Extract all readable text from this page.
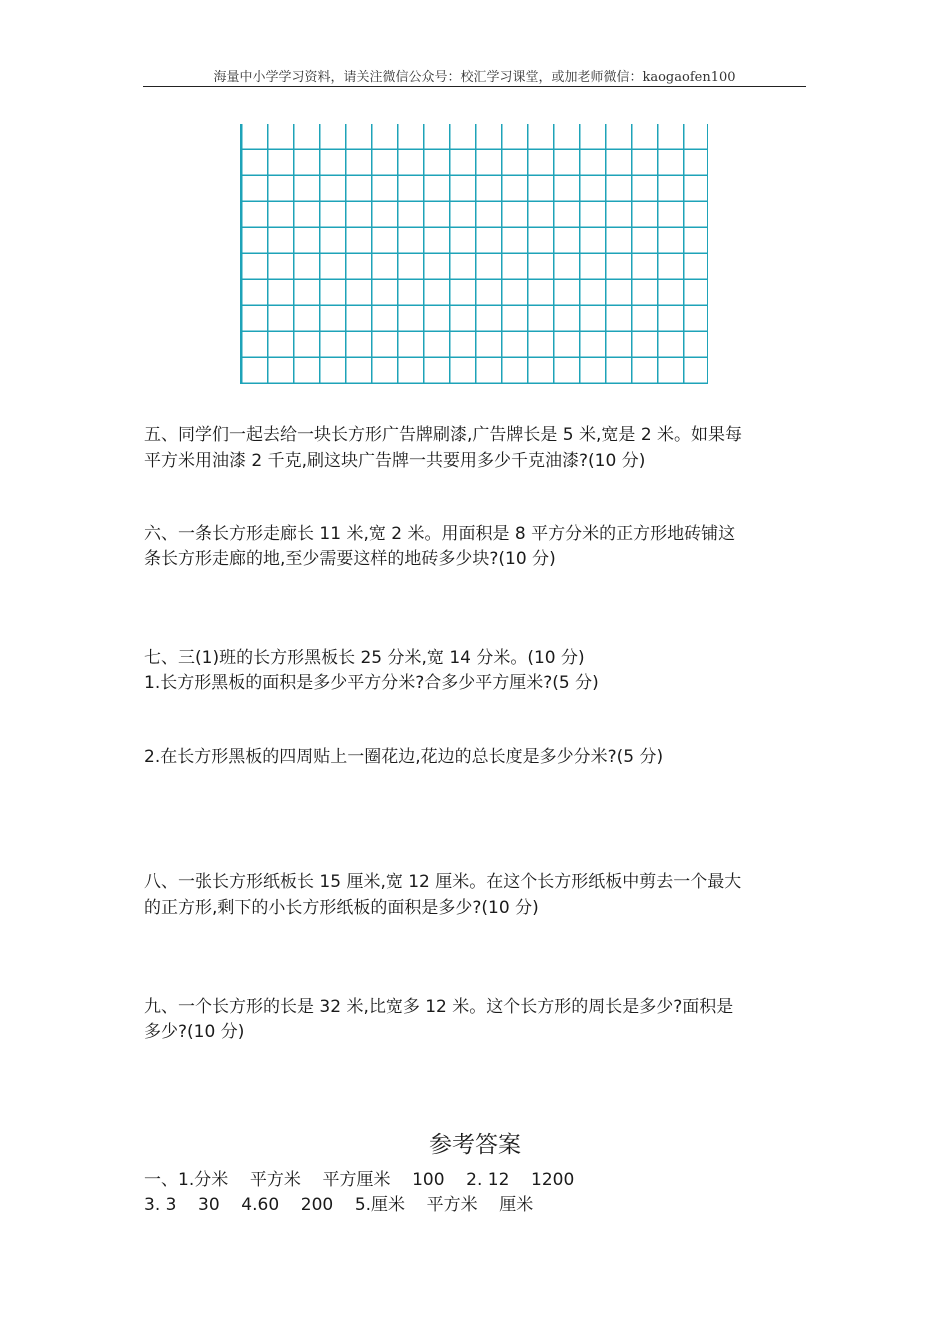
海量中小学学习资料，请关注微信公众号：校汇学习课堂，或加老师微信：kaogaofen100

五、同学们一起去给一块长方形广告牌刷漆,广告牌长是 5 米,宽是 2 米。如果每

平方米用油漆 2 千克,刷这块广告牌一共要用多少千克油漆?(10 分)

六、一条长方形走廊长 11 米,宽 2 米。用面积是 8 平方分米的正方形地砖铺这

条长方形走廊的地,至少需要这样的地砖多少块?(10 分)

七、三(1)班的长方形黑板长 25 分米,宽 14 分米。(10 分)

1.长方形黑板的面积是多少平方分米?合多少平方厘米?(5 分)

2.在长方形黑板的四周贴上一圈花边,花边的总长度是多少分米?(5 分)

八、一张长方形纸板长 15 厘米,宽 12 厘米。在这个长方形纸板中剪去一个最大

的正方形,剩下的小长方形纸板的面积是多少?(10 分)

九、一个长方形的长是 32 米,比宽多 12 米。这个长方形的周长是多少?面积是

多少?(10 分)

参考答案

一、1.分米    平方米    平方厘米    100    2. 12    1200

3. 3    30    4.60    200    5.厘米    平方米    厘米
